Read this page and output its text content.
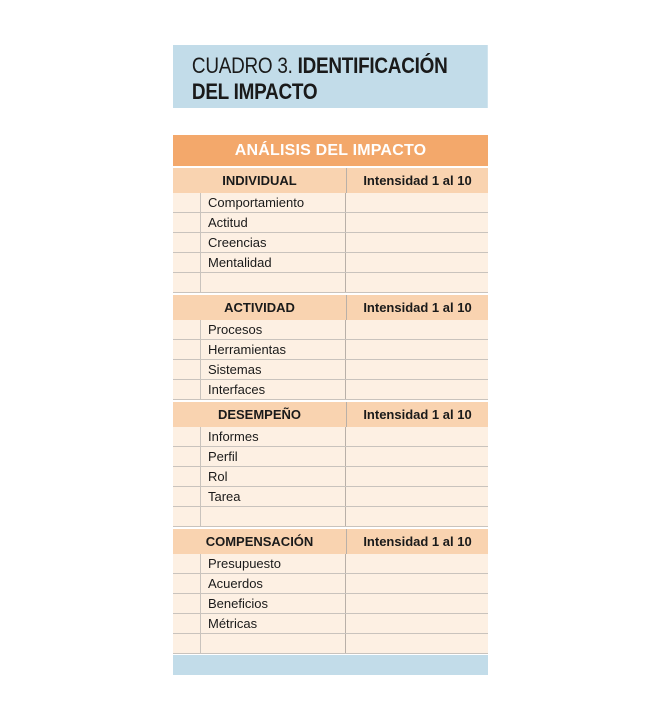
CUADRO 3. IDENTIFICACIÓN DEL IMPACTO
ANÁLISIS DEL IMPACTO
INDIVIDUAL	Intensidad 1 al 10
Comportamiento
Actitud
Creencias
Mentalidad
ACTIVIDAD	Intensidad 1 al 10
Procesos
Herramientas
Sistemas
Interfaces
DESEMPEÑO	Intensidad 1 al 10
Informes
Perfil
Rol
Tarea
COMPENSACIÓN	Intensidad 1 al 10
Presupuesto
Acuerdos
Beneficios
Métricas
